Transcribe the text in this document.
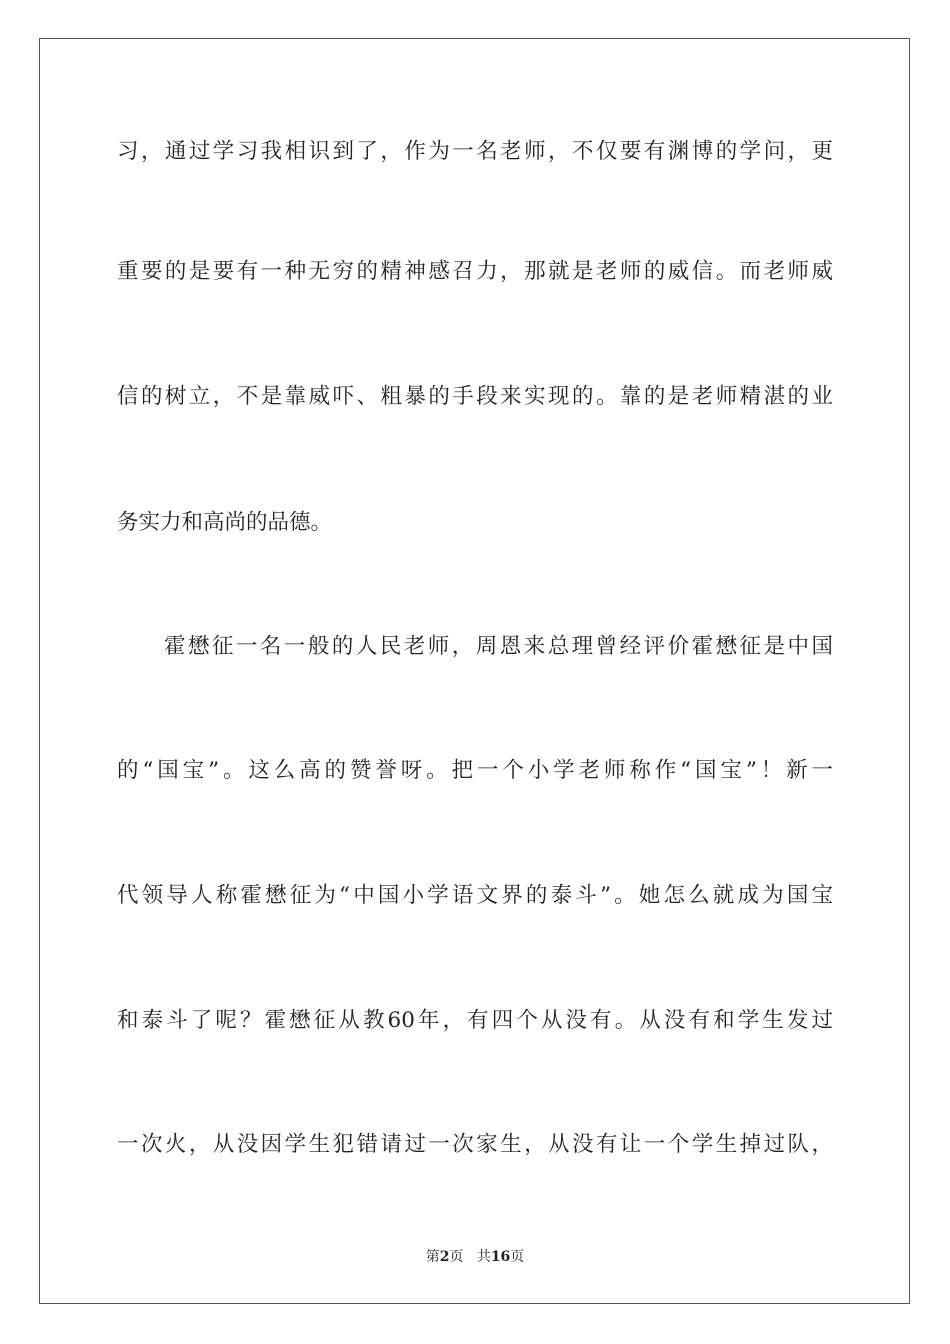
习，通过学习我相识到了，作为一名老师，不仅要有渊博的学问，更
重要的是要有一种无穷的精神感召力，那就是老师的威信。而老师威
信的树立，不是靠威吓、粗暴的手段来实现的。靠的是老师精湛的业
务实力和高尚的品德。
霍懋征一名一般的人民老师，周恩来总理曾经评价霍懋征是中国
的“国宝”。这么高的赞誉呀。把一个小学老师称作“国宝”！新一
代领导人称霍懋征为“中国小学语文界的泰斗”。她怎么就成为国宝
和泰斗了呢？霍懋征从教60年，有四个从没有。从没有和学生发过
一次火，从没因学生犯错请过一次家生，从没有让一个学生掉过队，
第2页 共16页
